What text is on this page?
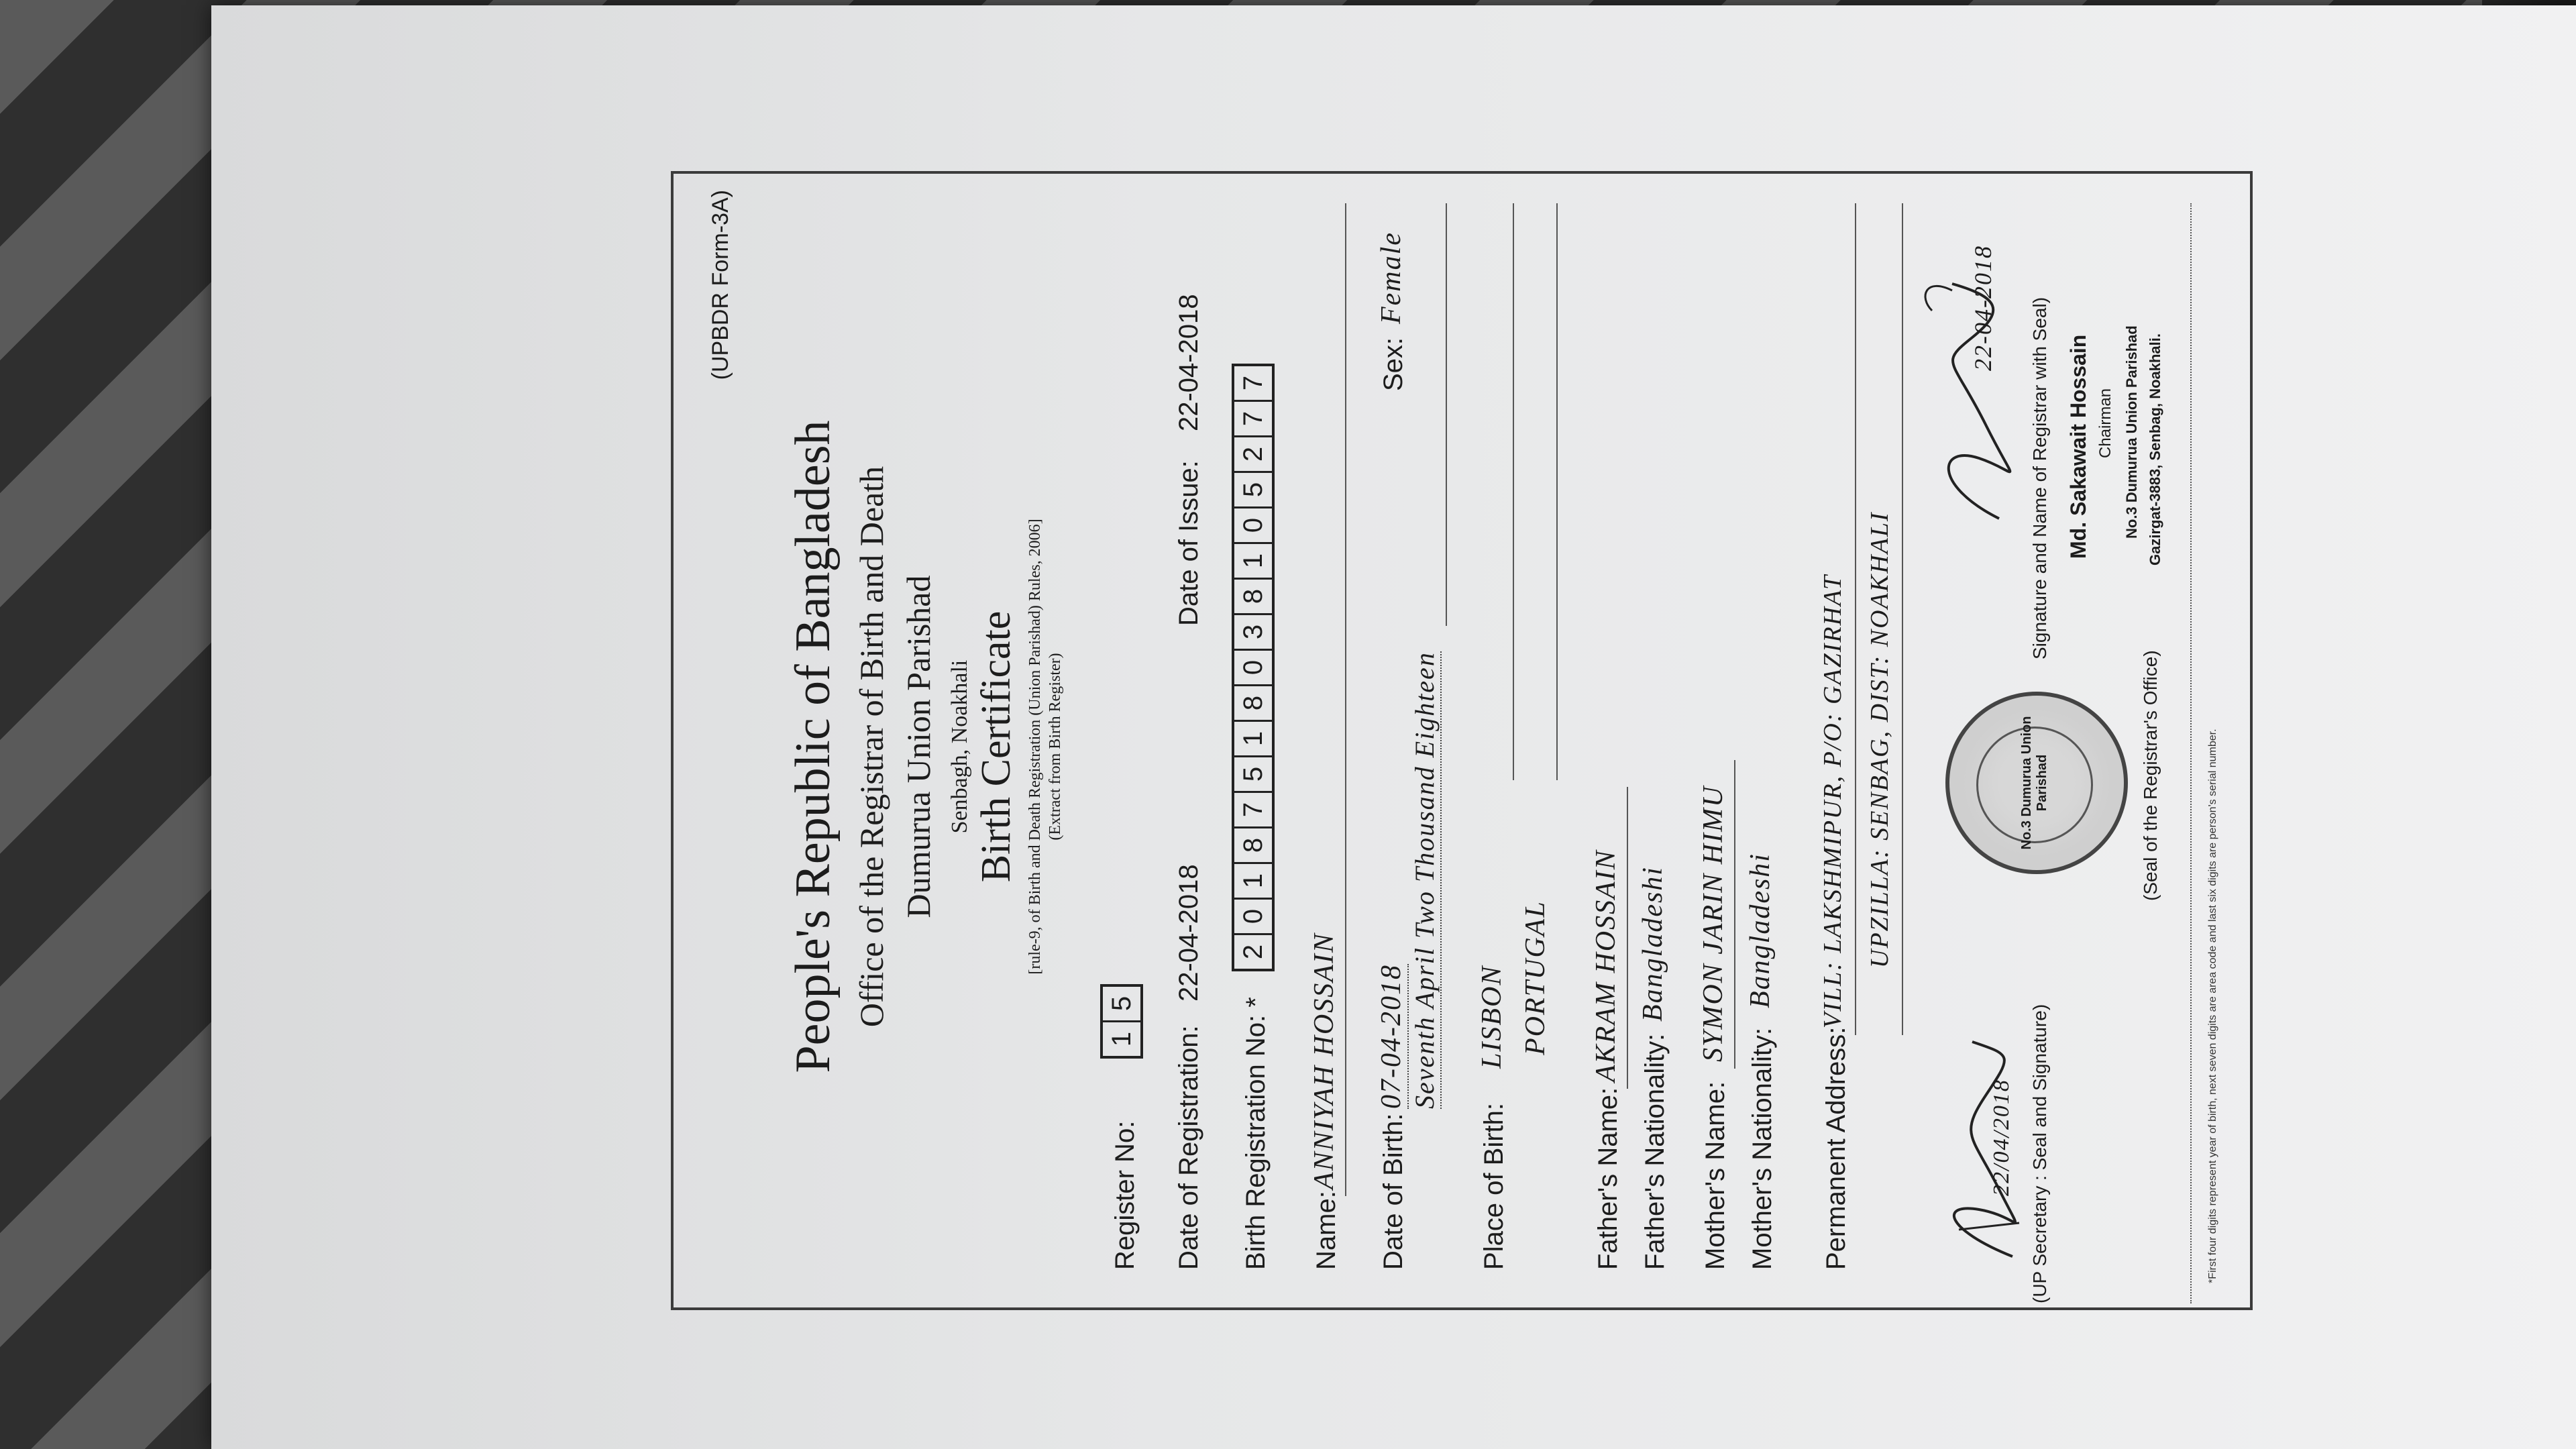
(UPBDR Form-3A)
People's Republic of Bangladesh Office of the Registrar of Birth and Death Dumurua Union Parishad Senbagh, Noakhali Birth Certificate [rule-9, of Birth and Death Registration (Union Parishad) Rules, 2006] (Extract from Birth Register)
Register No:
1
5
Date of Registration:
22-04-2018
Date of Issue:
22-04-2018
Birth Registration No: *
2
0
1
8
7
5
1
8
0
3
8
1
0
5
2
7
7
Name:
ANNIYAH HOSSAIN
Date of Birth:
07-04-2018 Seventh April Two Thousand Eighteen
Sex:
Female
Place of Birth:
LISBON PORTUGAL
Father's Name:
AKRAM HOSSAIN
Father's Nationality:
Bangladeshi
Mother's Name:
SYMON JARIN HIMU
Mother's Nationality:
Bangladeshi
Permanent Address:
VILL: LAKSHMIPUR, P/O: GAZIRHAT UPZILLA: SENBAG, DIST: NOAKHALI
22/04/2018 (UP Secretary : Seal and Signature)
No.3 Dumurua Union Parishad	(Seal of the Registrar's Office)
22-04-2018 Signature and Name of Registrar with Seal) Md. Sakawait Hossain Chairman No.3 Dumurua Union Parishad Gazirgat-3883, Senbag, Noakhali.
*First four digits represent year of birth, next seven digits are area code and last six digits are person's serial number.
